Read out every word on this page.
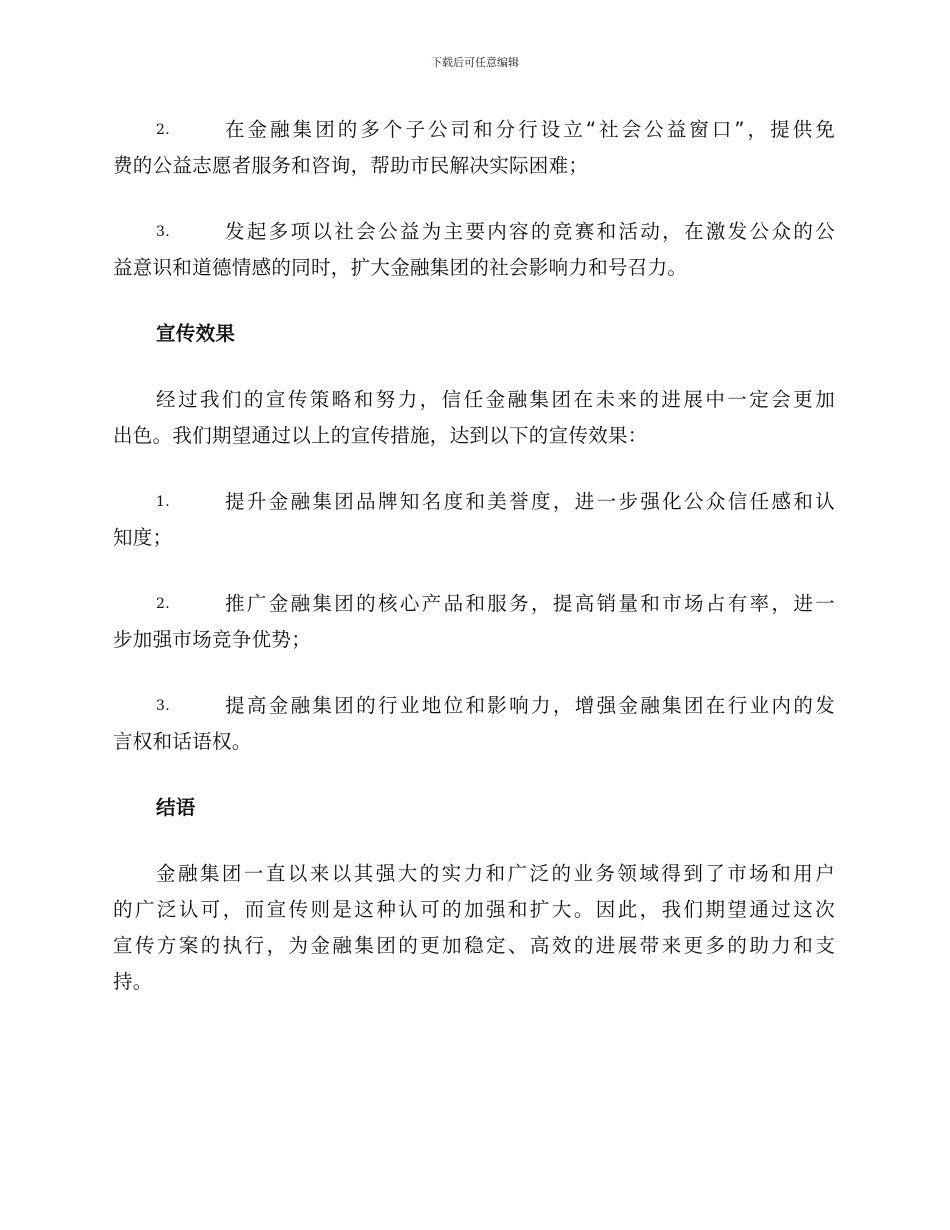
下载后可任意编辑
2.	在金融集团的多个子公司和分行设立“社会公益窗口”，提供免
费的公益志愿者服务和咨询，帮助市民解决实际困难；
3.	发起多项以社会公益为主要内容的竞赛和活动，在激发公众的公
益意识和道德情感的同时，扩大金融集团的社会影响力和号召力。
宣传效果
经过我们的宣传策略和努力，信任金融集团在未来的进展中一定会更加
出色。我们期望通过以上的宣传措施，达到以下的宣传效果：
1.	提升金融集团品牌知名度和美誉度，进一步强化公众信任感和认
知度；
2.	推广金融集团的核心产品和服务，提高销量和市场占有率，进一
步加强市场竞争优势；
3.	提高金融集团的行业地位和影响力，增强金融集团在行业内的发
言权和话语权。
结语
金融集团一直以来以其强大的实力和广泛的业务领域得到了市场和用户
的广泛认可，而宣传则是这种认可的加强和扩大。因此，我们期望通过这次
宣传方案的执行，为金融集团的更加稳定、高效的进展带来更多的助力和支
持。
